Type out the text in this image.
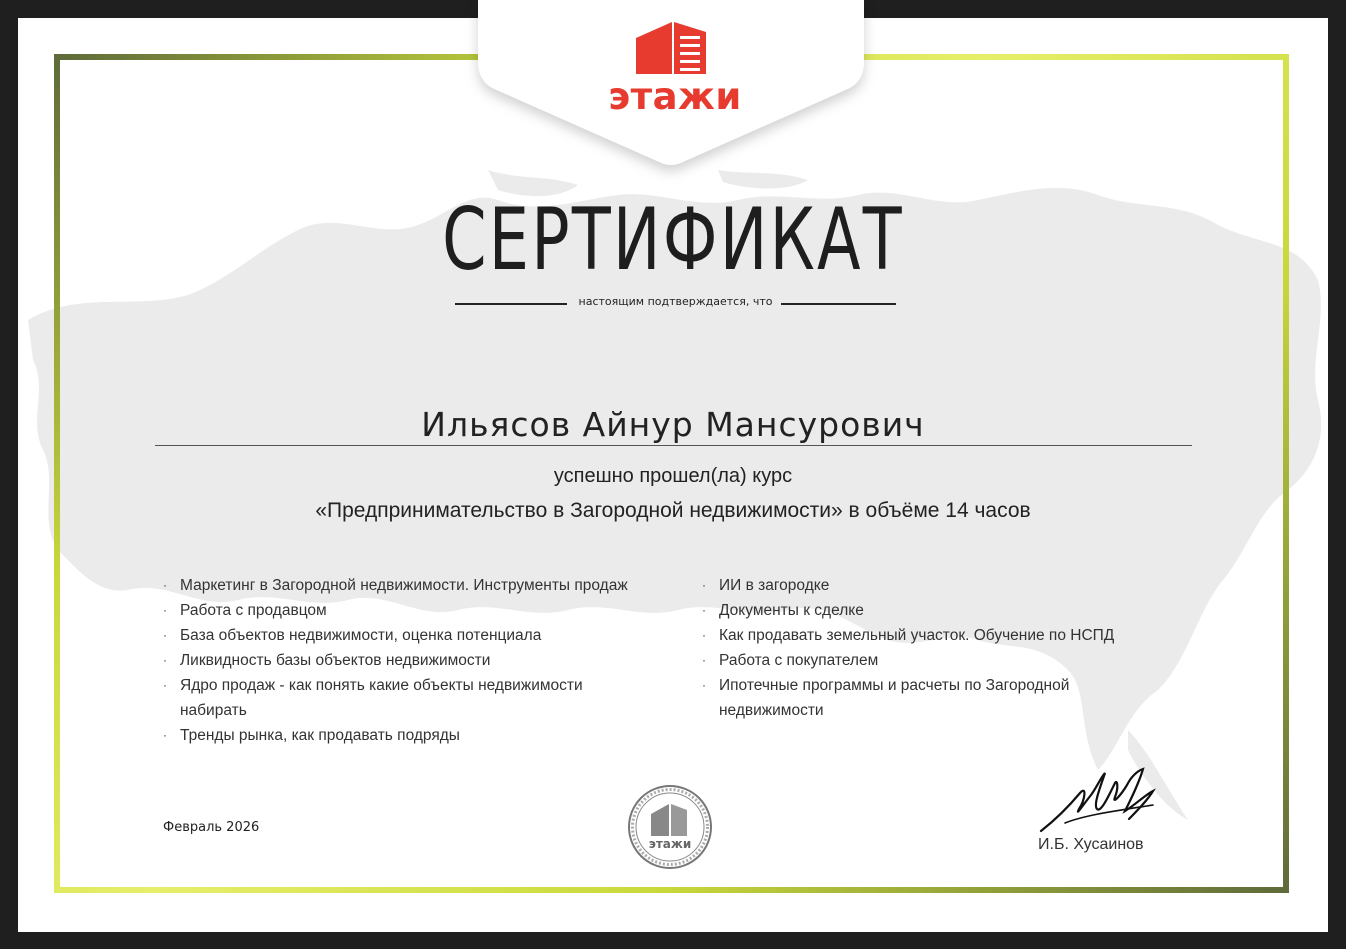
этажи
СЕРТИФИКАТ
настоящим подтверждается, что
Ильясов Айнур Мансурович
успешно прошел(ла) курс
«Предпринимательство в Загородной недвижимости» в объёме 14 часов
· Маркетинг в Загородной недвижимости. Инструменты продаж
· Работа с продавцом
· База объектов недвижимости, оценка потенциала
· Ликвидность базы объектов недвижимости
· Ядро продаж - как понять какие объекты недвижимости набирать
· Тренды рынка, как продавать подряды
· ИИ в загородке
· Документы к сделке
· Как продавать земельный участок. Обучение по НСПД
· Работа с покупателем
· Ипотечные программы и расчеты по Загородной недвижимости
Февраль 2026
этажи	И.Б. Хусаинов
